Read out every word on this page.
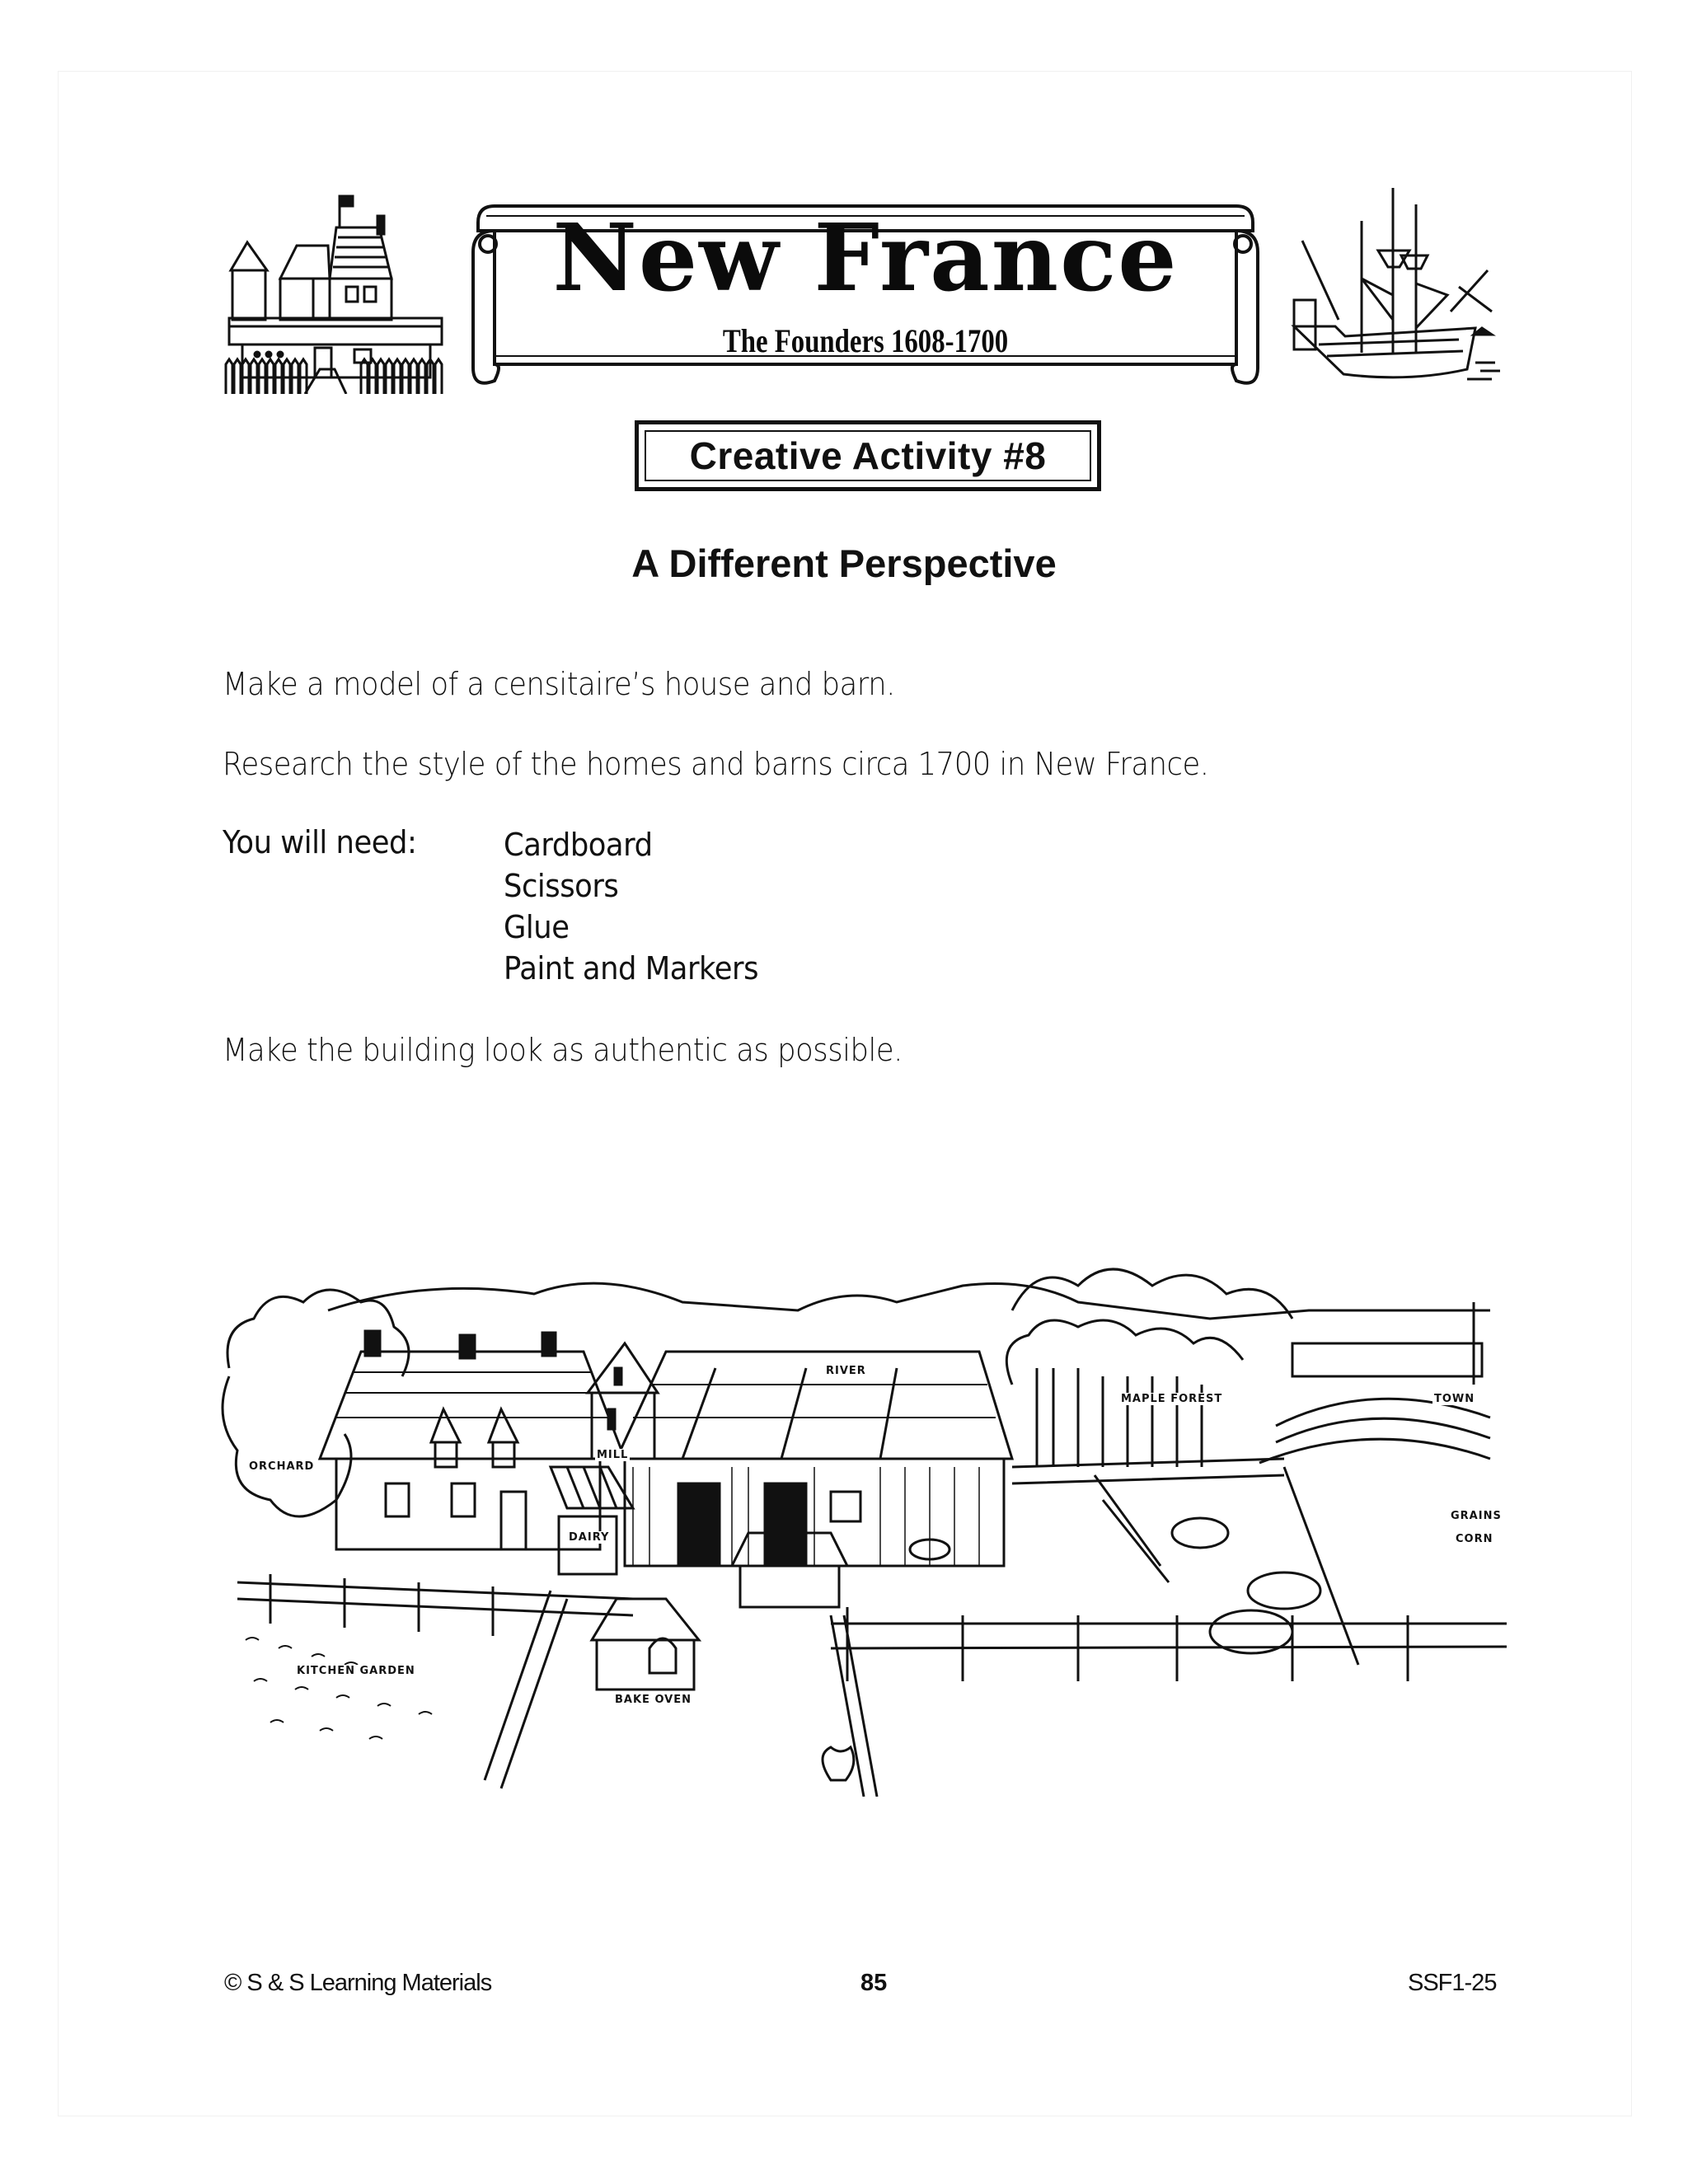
New France
The Founders 1608-1700
Creative Activity #8
A Different Perspective
Make a model of a censitaire’s house and barn.
Research the style of the homes and barns circa 1700 in New France.
You will need:	Cardboard
Scissors
Glue
Paint and Markers
Make the building look as authentic as possible.
ORCHARD
MILL
RIVER
MAPLE FOREST	TOWN
GRAINS
CORN
DAIRY
KITCHEN GARDEN
BAKE OVEN
© S & S Learning Materials	85	SSF1-25
